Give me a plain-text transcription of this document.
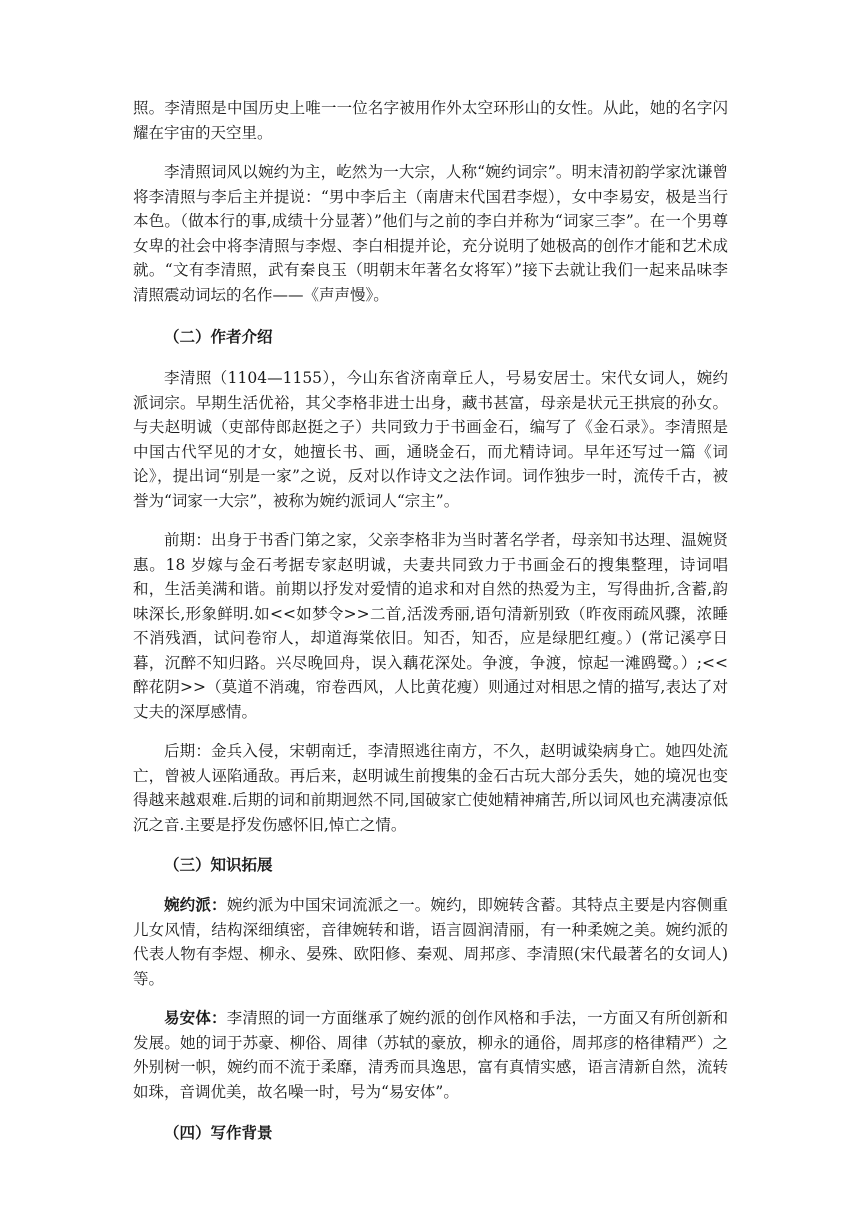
照。李清照是中国历史上唯一一位名字被用作外太空环形山的女性。从此，她的名字闪耀在宇宙的天空里。

李清照词风以婉约为主，屹然为一大宗，人称“婉约词宗”。明末清初韵学家沈谦曾将李清照与李后主并提说：“男中李后主（南唐末代国君李煜），女中李易安，极是当行本色。（做本行的事,成绩十分显著）”他们与之前的李白并称为“词家三李”。在一个男尊女卑的社会中将李清照与李煜、李白相提并论，充分说明了她极高的创作才能和艺术成就。“文有李清照，武有秦良玉（明朝末年著名女将军）”接下去就让我们一起来品味李清照震动词坛的名作——《声声慢》。

（二）作者介绍

李清照（1104—1155），今山东省济南章丘人，号易安居士。宋代女词人，婉约派词宗。早期生活优裕，其父李格非进士出身，藏书甚富，母亲是状元王拱宸的孙女。与夫赵明诚（吏部侍郎赵挺之子）共同致力于书画金石，编写了《金石录》。李清照是中国古代罕见的才女，她擅长书、画，通晓金石，而尤精诗词。早年还写过一篇《词论》，提出词“别是一家”之说，反对以作诗文之法作词。词作独步一时，流传千古，被誉为“词家一大宗”，被称为婉约派词人“宗主”。

前期：出身于书香门第之家，父亲李格非为当时著名学者，母亲知书达理、温婉贤惠。18 岁嫁与金石考据专家赵明诚，夫妻共同致力于书画金石的搜集整理，诗词唱和，生活美满和谐。前期以抒发对爱情的追求和对自然的热爱为主，写得曲折,含蓄,韵味深长,形象鲜明.如<<如梦令>>二首,活泼秀丽,语句清新别致（昨夜雨疏风骤，浓睡不消残酒，试问卷帘人，却道海棠依旧。知否，知否，应是绿肥红瘦。）(常记溪亭日暮，沉醉不知归路。兴尽晚回舟，误入藕花深处。争渡，争渡，惊起一滩鸥鹭。）;<<醉花阴>>（莫道不消魂，帘卷西风，人比黄花瘦）则通过对相思之情的描写,表达了对丈夫的深厚感情。

后期：金兵入侵，宋朝南迁，李清照逃往南方，不久，赵明诚染病身亡。她四处流亡，曾被人诬陷通敌。再后来，赵明诚生前搜集的金石古玩大部分丢失，她的境况也变得越来越艰难.后期的词和前期迥然不同,国破家亡使她精神痛苦,所以词风也充满凄凉低沉之音.主要是抒发伤感怀旧,悼亡之情。

（三）知识拓展

婉约派：婉约派为中国宋词流派之一。婉约，即婉转含蓄。其特点主要是内容侧重儿女风情，结构深细缜密，音律婉转和谐，语言圆润清丽，有一种柔婉之美。婉约派的代表人物有李煜、柳永、晏殊、欧阳修、秦观、周邦彦、李清照(宋代最著名的女词人)等。

易安体：李清照的词一方面继承了婉约派的创作风格和手法，一方面又有所创新和发展。她的词于苏豪、柳俗、周律（苏轼的豪放，柳永的通俗，周邦彦的格律精严）之外别树一帜，婉约而不流于柔靡，清秀而具逸思，富有真情实感，语言清新自然，流转如珠，音调优美，故名噪一时，号为“易安体”。

（四）写作背景
